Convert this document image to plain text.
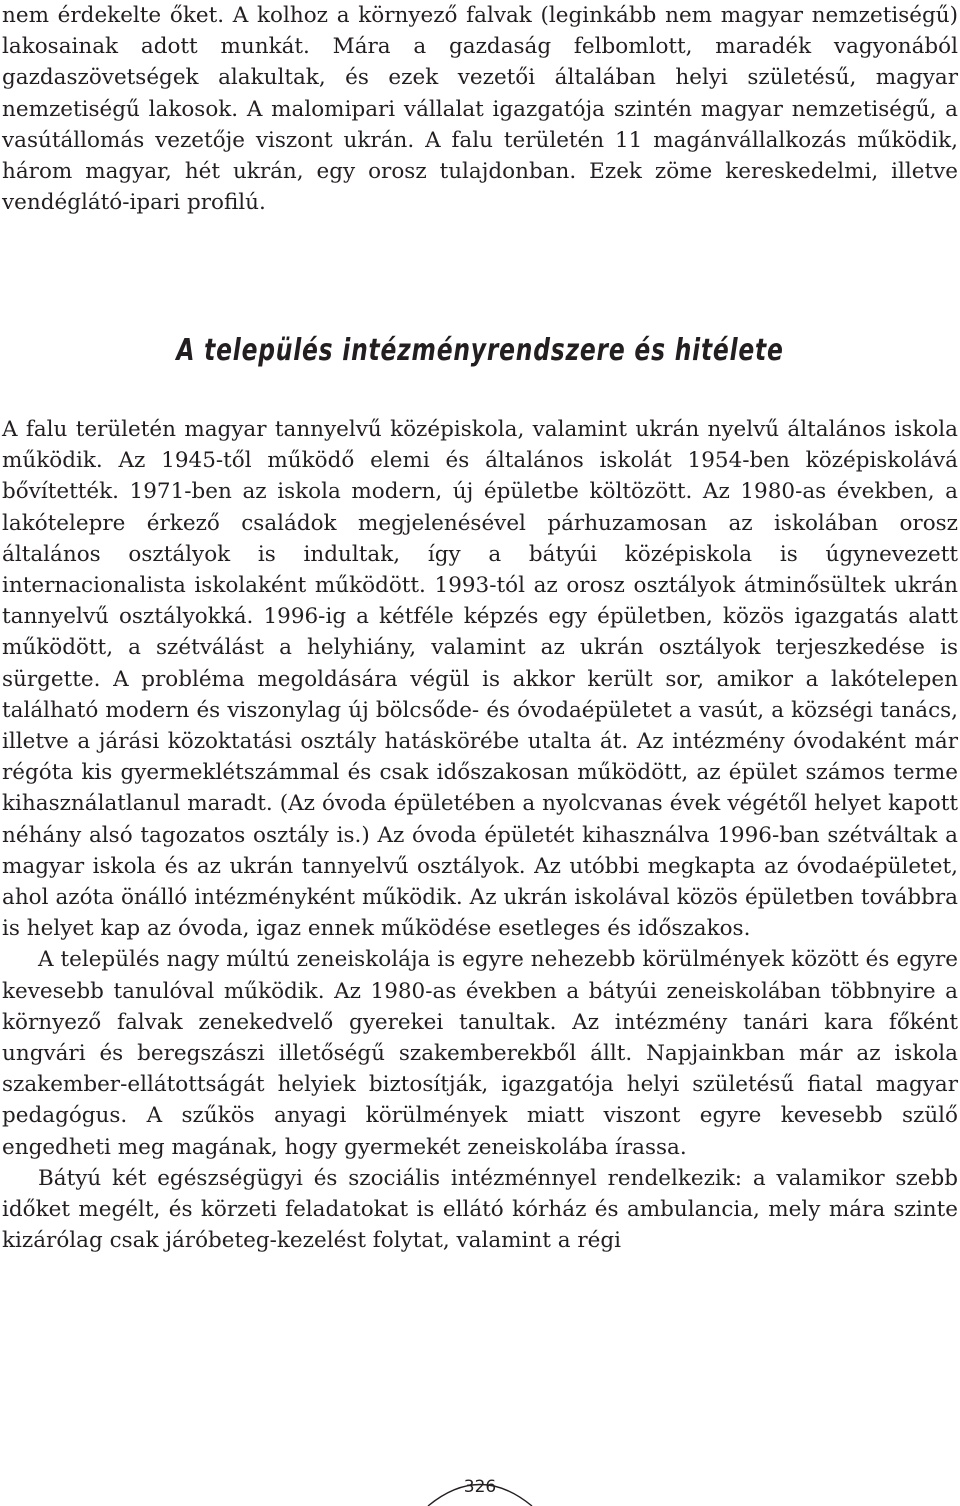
nem érdekelte őket. A kolhoz a környező falvak (leginkább nem magyar nemzetiségű) lakosainak adott munkát. Mára a gazdaság felbomlott, maradék vagyonából gazdaszövetségek alakultak, és ezek vezetői általában helyi születésű, magyar nemzetiségű lakosok. A malomipari vállalat igazgatója szintén magyar nemzetiségű, a vasútállomás vezetője viszont ukrán. A falu területén 11 magánvállalkozás működik, három magyar, hét ukrán, egy orosz tulajdonban. Ezek zöme kereskedelmi, illetve vendéglátó-ipari profilú.

A település intézményrendszere és hitélete

A falu területén magyar tannyelvű középiskola, valamint ukrán nyelvű általános iskola működik. Az 1945-től működő elemi és általános iskolát 1954-ben középiskolává bővítették. 1971-ben az iskola modern, új épületbe költözött. Az 1980-as években, a lakótelepre érkező családok megjelenésével párhuzamosan az iskolában orosz általános osztályok is indultak, így a bátyúi középiskola is úgynevezett internacionalista iskolaként működött. 1993-tól az orosz osztályok átminősültek ukrán tannyelvű osztályokká. 1996-ig a kétféle képzés egy épületben, közös igazgatás alatt működött, a szétválást a helyhiány, valamint az ukrán osztályok terjeszkedése is sürgette. A probléma megoldására végül is akkor került sor, amikor a lakótelepen található modern és viszonylag új bölcsőde- és óvodaépületet a vasút, a községi tanács, illetve a járási közoktatási osztály hatáskörébe utalta át. Az intézmény óvodaként már régóta kis gyermeklétszámmal és csak időszakosan működött, az épület számos terme kihasználatlanul maradt. (Az óvoda épületében a nyolcvanas évek végétől helyet kapott néhány alsó tagozatos osztály is.) Az óvoda épületét kihasználva 1996-ban szétváltak a magyar iskola és az ukrán tannyelvű osztályok. Az utóbbi megkapta az óvodaépületet, ahol azóta önálló intézményként működik. Az ukrán iskolával közös épületben továbbra is helyet kap az óvoda, igaz ennek működése esetleges és időszakos.

A település nagy múltú zeneiskolája is egyre nehezebb körülmények között és egyre kevesebb tanulóval működik. Az 1980-as években a bátyúi zeneiskolában többnyire a környező falvak zenekedvelő gyerekei tanultak. Az intézmény tanári kara főként ungvári és beregszászi illetőségű szakemberekből állt. Napjainkban már az iskola szakember-ellátottságát helyiek biztosítják, igazgatója helyi születésű fiatal magyar pedagógus. A szűkös anyagi körülmények miatt viszont egyre kevesebb szülő engedheti meg magának, hogy gyermekét zeneiskolába írassa.

Bátyú két egészségügyi és szociális intézménnyel rendelkezik: a valamikor szebb időket megélt, és körzeti feladatokat is ellátó kórház és ambulancia, mely mára szinte kizárólag csak járóbeteg-kezelést folytat, valamint a régi

326
